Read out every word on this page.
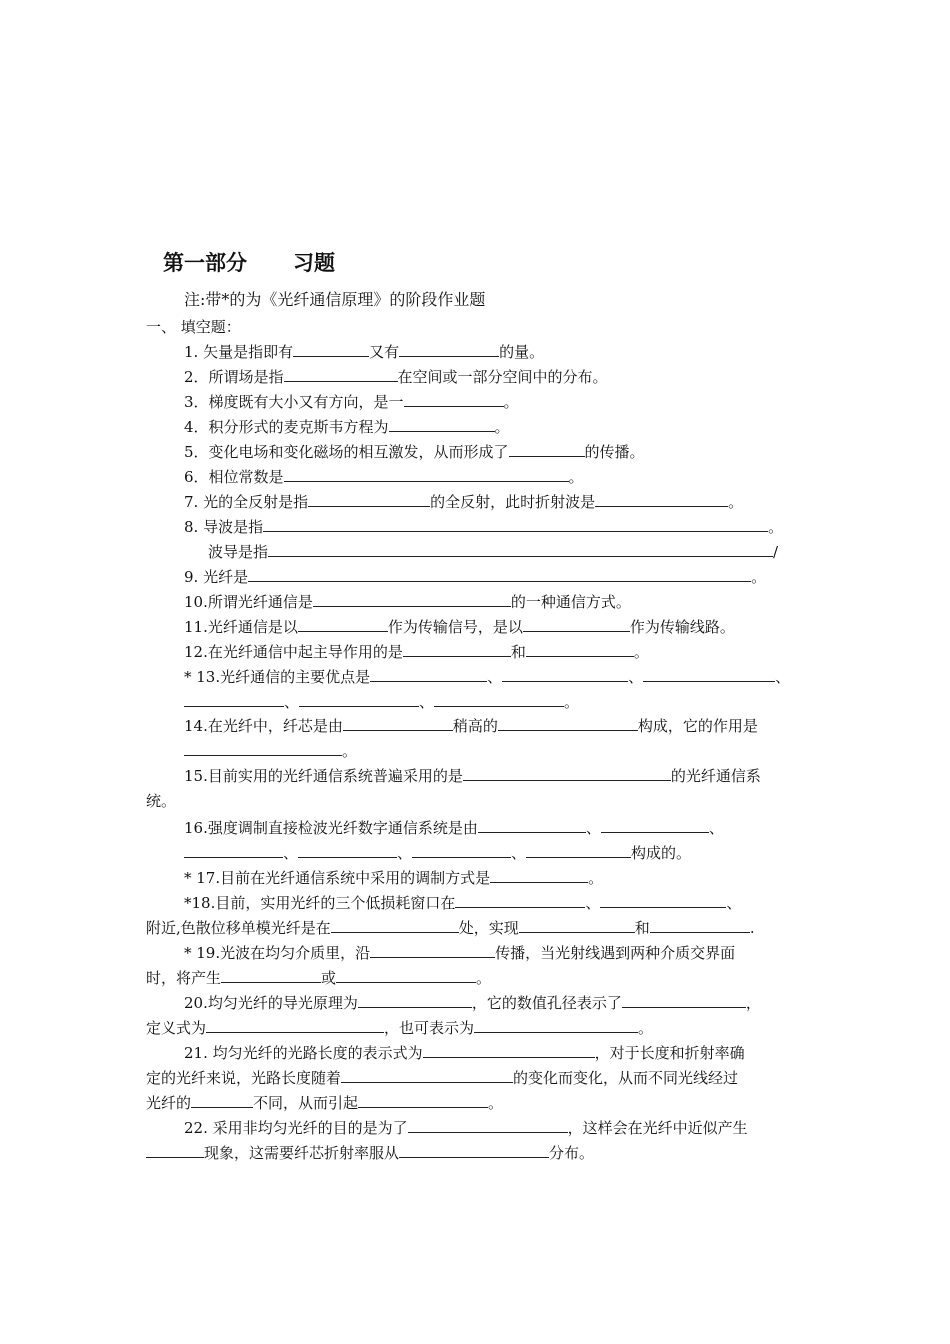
第一部分 习题
注:带*的为《光纤通信原理》的阶段作业题
一、 填空题：
1. 矢量是指即有	又有	的量。
2．所谓场是指	在空间或一部分空间中的分布。
3．梯度既有大小又有方向，是一	。
4．积分形式的麦克斯韦方程为	。
5．变化电场和变化磁场的相互激发，从而形成了	的传播。
6．相位常数是	。
7. 光的全反射是指	的全反射，此时折射波是	。
8. 导波是指	。
波导是指	/
9. 光纤是	。
10.所谓光纤通信是	的一种通信方式。
11.光纤通信是以	作为传输信号，是以	作为传输线路。
12.在光纤通信中起主导作用的是	和	。
* 13.光纤通信的主要优点是	、	、	、
、	、	。
14.在光纤中，纤芯是由	稍高的	构成，它的作用是
。
15.目前实用的光纤通信系统普遍采用的是	的光纤通信系
统。
16.强度调制直接检波光纤数字通信系统是由	、	、
、	、	、	构成的。
* 17.目前在光纤通信系统中采用的调制方式是	。
*18.目前，实用光纤的三个低损耗窗口在	、	、
附近,色散位移单模光纤是在	处，实现	和	.
* 19.光波在均匀介质里，沿	传播，当光射线遇到两种介质交界面
时，将产生	或	。
20.均匀光纤的导光原理为	，它的数值孔径表示了	，
定义式为	，也可表示为	。
21. 均匀光纤的光路长度的表示式为	，对于长度和折射率确
定的光纤来说，光路长度随着	的变化而变化，从而不同光线经过
光纤的	不同，从而引起	。
22. 采用非均匀光纤的目的是为了	，这样会在光纤中近似产生
现象，这需要纤芯折射率服从	分布。
